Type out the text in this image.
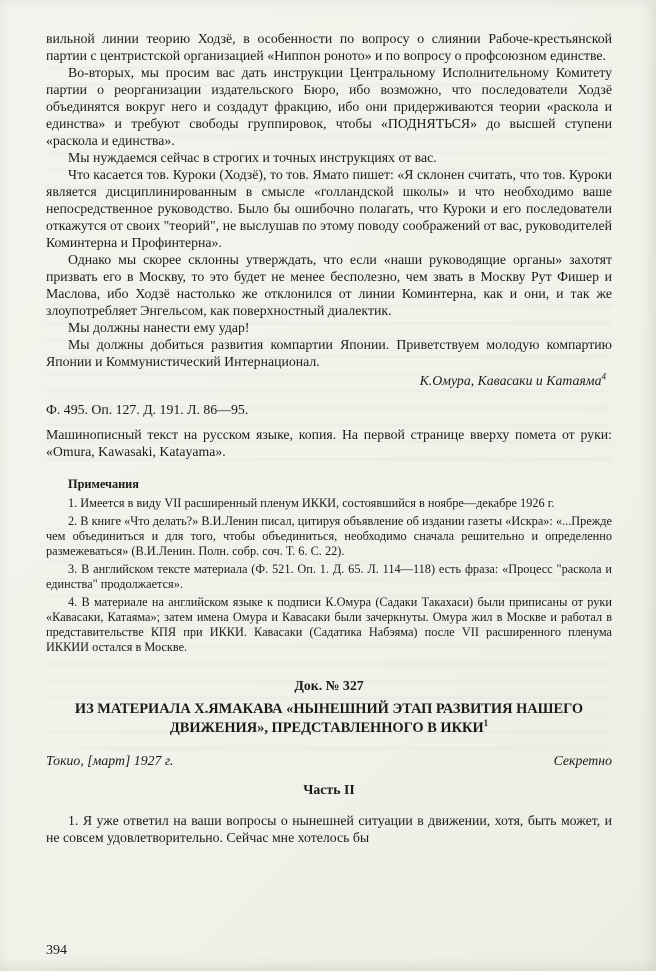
вильной линии теорию Ходзё, в особенности по вопросу о слиянии Рабоче-крестьянской партии с центристской организацией «Ниппон роното» и по вопросу о профсоюзном единстве.

Во-вторых, мы просим вас дать инструкции Центральному Исполнительному Комитету партии о реорганизации издательского Бюро, ибо возможно, что последователи Ходзё объединятся вокруг него и создадут фракцию, ибо они придерживаются теории «раскола и единства» и требуют свободы группировок, чтобы «ПОДНЯТЬСЯ» до высшей ступени «раскола и единства».

Мы нуждаемся сейчас в строгих и точных инструкциях от вас.

Что касается тов. Куроки (Ходзё), то тов. Ямато пишет: «Я склонен считать, что тов. Куроки является дисциплинированным в смысле «голландской школы» и что необходимо ваше непосредственное руководство. Было бы ошибочно полагать, что Куроки и его последователи откажутся от своих "теорий", не выслушав по этому поводу соображений от вас, руководителей Коминтерна и Профинтерна».

Однако мы скорее склонны утверждать, что если «наши руководящие органы» захотят призвать его в Москву, то это будет не менее бесполезно, чем звать в Москву Рут Фишер и Маслова, ибо Ходзё настолько же отклонился от линии Коминтерна, как и они, и так же злоупотребляет Энгельсом, как поверхностный диалектик.

Мы должны нанести ему удар!

Мы должны добиться развития компартии Японии. Приветствуем молодую компартию Японии и Коммунистический Интернационал.

К.Омура, Кавасаки и Катаяма$^4$

Ф. 495. Оп. 127. Д. 191. Л. 86—95.

Машинописный текст на русском языке, копия. На первой странице вверху помета от руки: «Omura, Kawasaki, Katayama».

Примечания

1. Имеется в виду VII расширенный пленум ИККИ, состоявшийся в ноябре—декабре 1926 г.

2. В книге «Что делать?» В.И.Ленин писал, цитируя объявление об издании газеты «Искра»: «...Прежде чем объединиться и для того, чтобы объединиться, необходимо сначала решительно и определенно размежеваться» (В.И.Ленин. Полн. собр. соч. Т. 6. С. 22).

3. В английском тексте материала (Ф. 521. Оп. 1. Д. 65. Л. 114—118) есть фраза: «Процесс "раскола и единства" продолжается».

4. В материале на английском языке к подписи К.Омура (Садаки Такахаси) были приписаны от руки «Кавасаки, Катаяма»; затем имена Омура и Кавасаки были зачеркнуты. Омура жил в Москве и работал в представительстве КПЯ при ИККИ. Кавасаки (Садатика Набэяма) после VII расширенного пленума ИККИИ остался в Москве.

Док. № 327

ИЗ МАТЕРИАЛА Х.ЯМАКАВА «НЫНЕШНИЙ ЭТАП РАЗВИТИЯ НАШЕГО ДВИЖЕНИЯ», ПРЕДСТАВЛЕННОГО В ИККИ$^1$

Токио, [март] 1927 г.	Секретно

Часть II

1. Я уже ответил на ваши вопросы о нынешней ситуации в движении, хотя, быть может, и не совсем удовлетворительно. Сейчас мне хотелось бы

394
